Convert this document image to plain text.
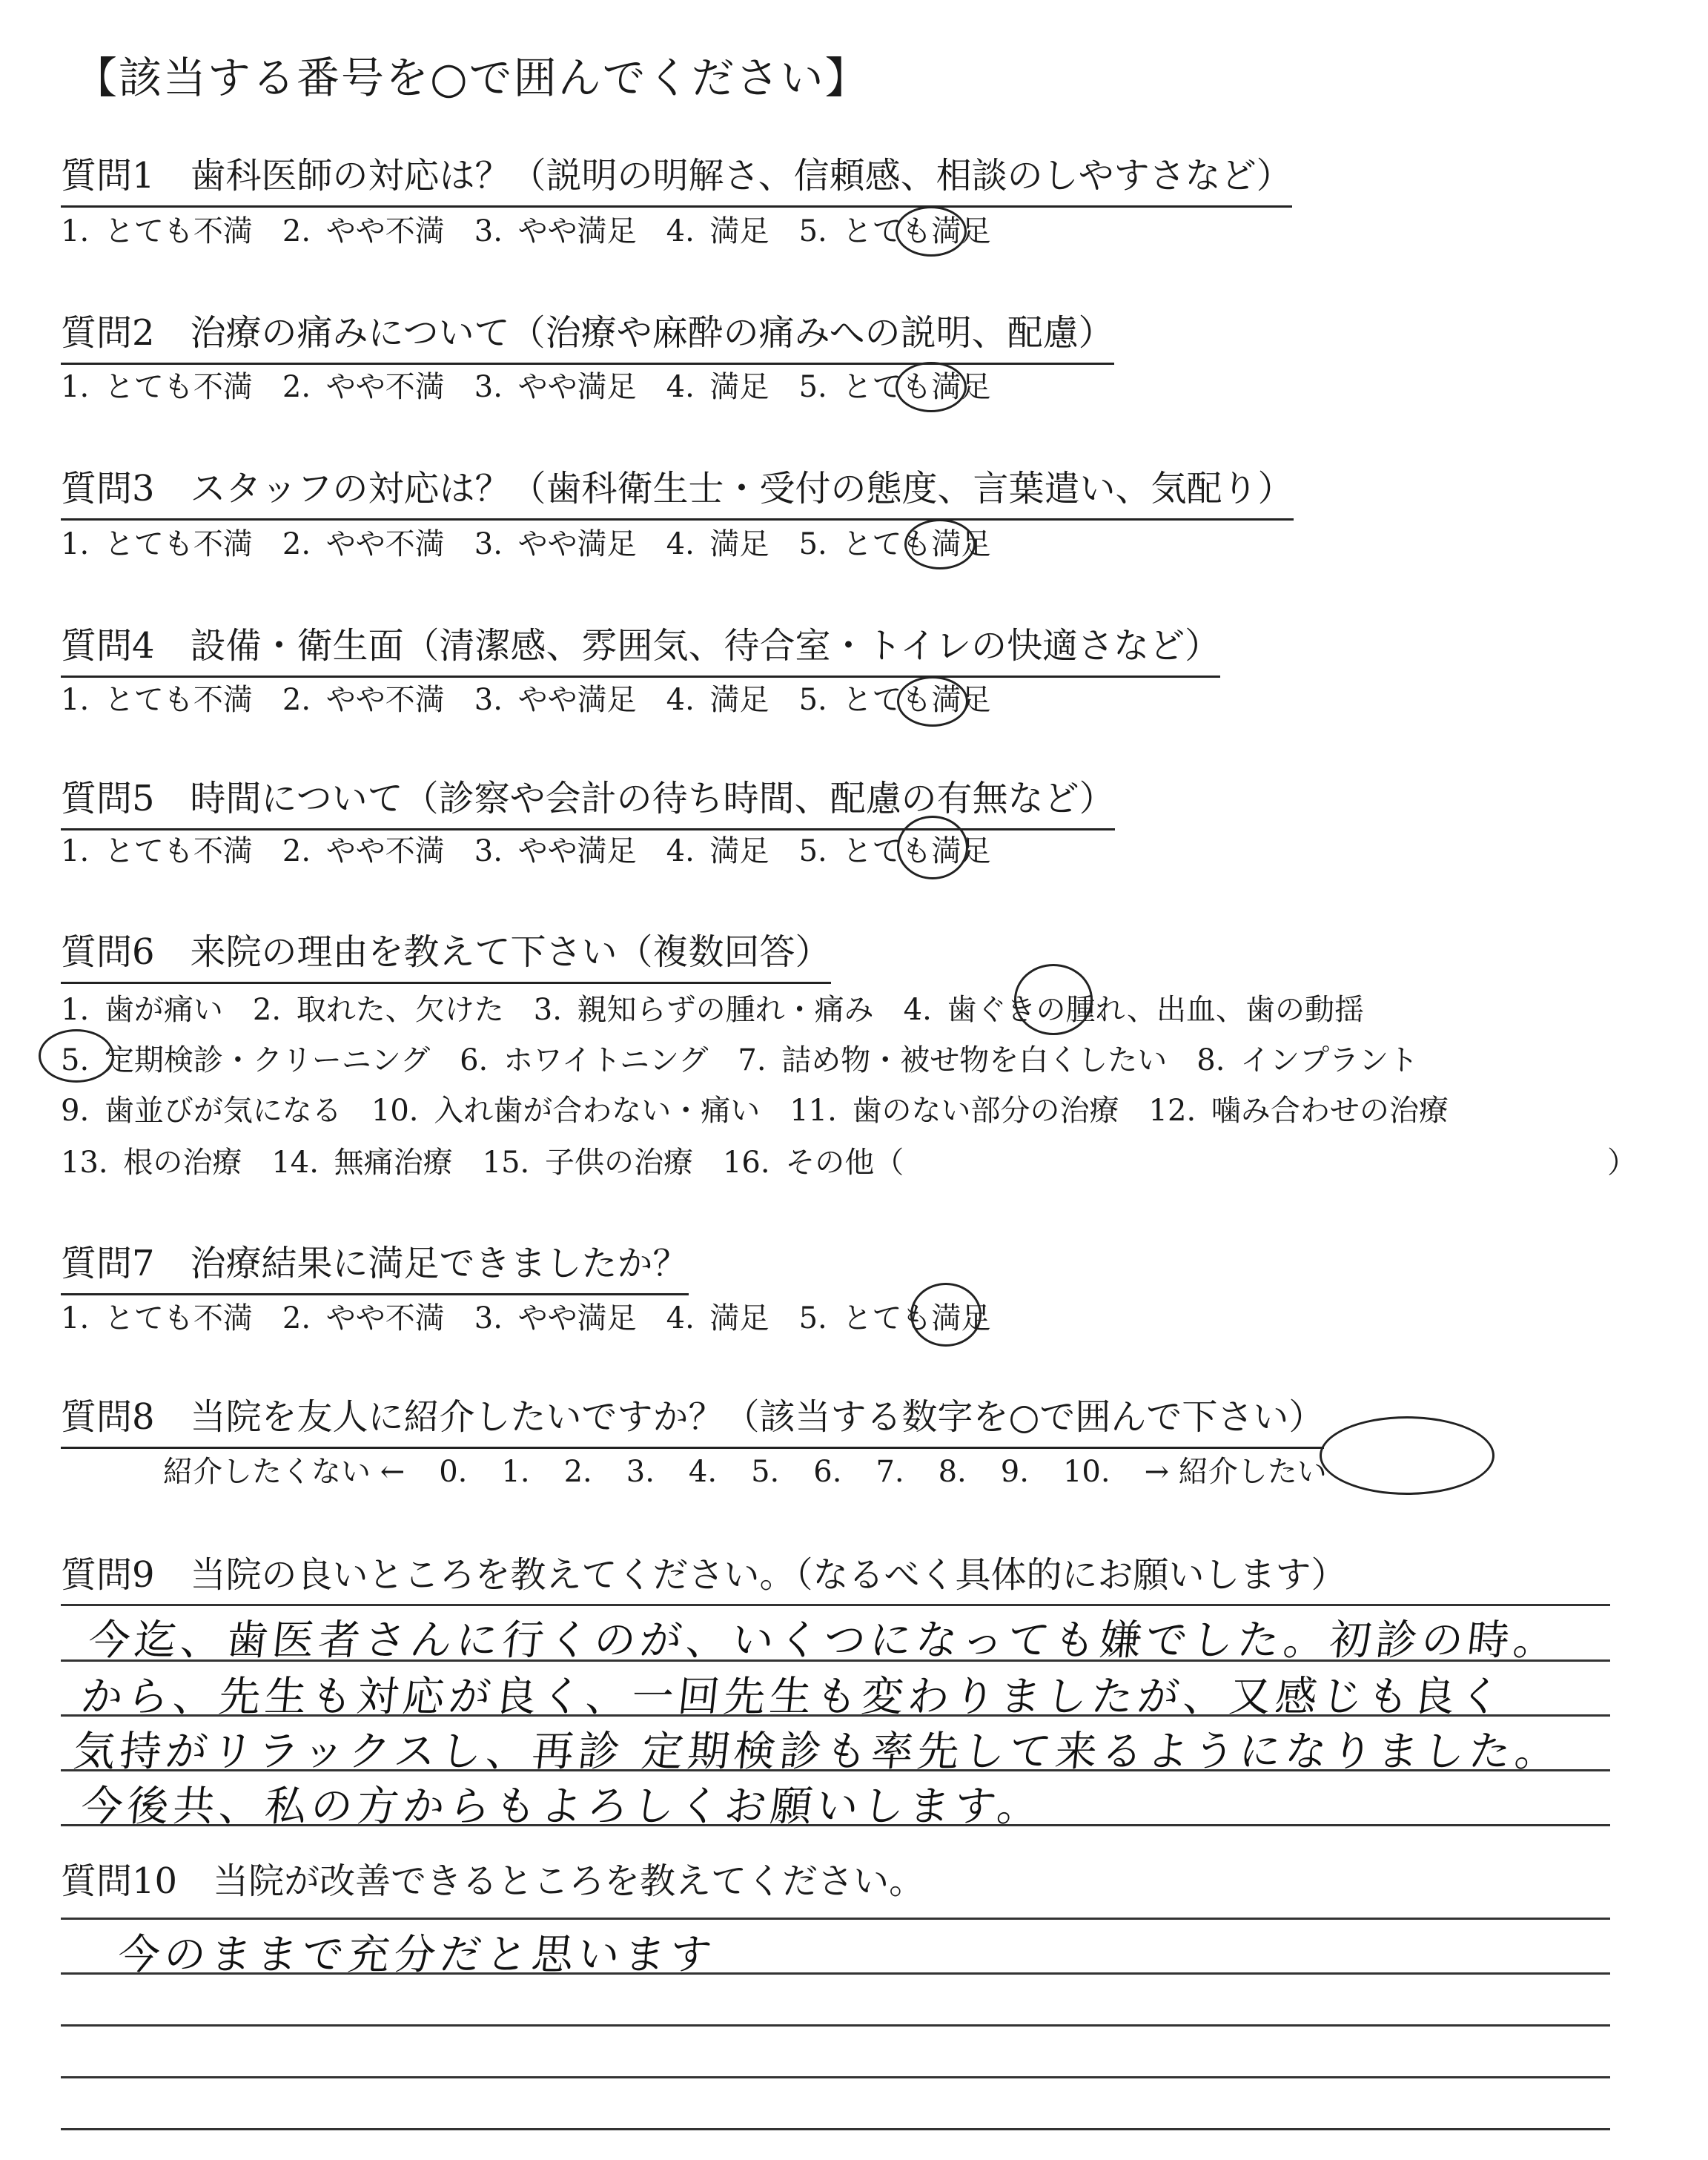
【該当する番号を○で囲んでください】
質問1　歯科医師の対応は？（説明の明解さ、信頼感、相談のしやすさなど）
1. とても不満 2. やや不満 3. やや満足 4. 満足 5. とても満足
質問2　治療の痛みについて（治療や麻酔の痛みへの説明、配慮）
1. とても不満 2. やや不満 3. やや満足 4. 満足 5. とても満足
質問3　スタッフの対応は？（歯科衛生士・受付の態度、言葉遣い、気配り）
1. とても不満 2. やや不満 3. やや満足 4. 満足 5. とても満足
質問4　設備・衛生面（清潔感、雰囲気、待合室・トイレの快適さなど）
1. とても不満 2. やや不満 3. やや満足 4. 満足 5. とても満足
質問5　時間について（診察や会計の待ち時間、配慮の有無など）
1. とても不満 2. やや不満 3. やや満足 4. 満足 5. とても満足
質問6　来院の理由を教えて下さい（複数回答）
1. 歯が痛い 2. 取れた、欠けた 3. 親知らずの腫れ・痛み 4. 歯ぐきの腫れ、出血、歯の動揺
5. 定期検診・クリーニング 6. ホワイトニング 7. 詰め物・被せ物を白くしたい 8. インプラント
9. 歯並びが気になる 10. 入れ歯が合わない・痛い 11. 歯のない部分の治療 12. 噛み合わせの治療
13. 根の治療 14. 無痛治療 15. 子供の治療 16. その他（	）
質問7　治療結果に満足できましたか？
1. とても不満 2. やや不満 3. やや満足 4. 満足 5. とても満足
質問8　当院を友人に紹介したいですか？（該当する数字を○で囲んで下さい）
紹介したくない ← 0. 1. 2. 3. 4. 5. 6. 7. 8. 9. 10. → 紹介したい
質問9　当院の良いところを教えてください。（なるべく具体的にお願いします）
今迄、歯医者さんに行くのが、いくつになっても嫌でした。初診の時。
から、先生も対応が良く、一回先生も変わりましたが、又感じも良く
気持がリラックスし、再診 定期検診も率先して来るようになりました。
今後共、私の方からもよろしくお願いします。
質問10　当院が改善できるところを教えてください。
今のままで充分だと思います
